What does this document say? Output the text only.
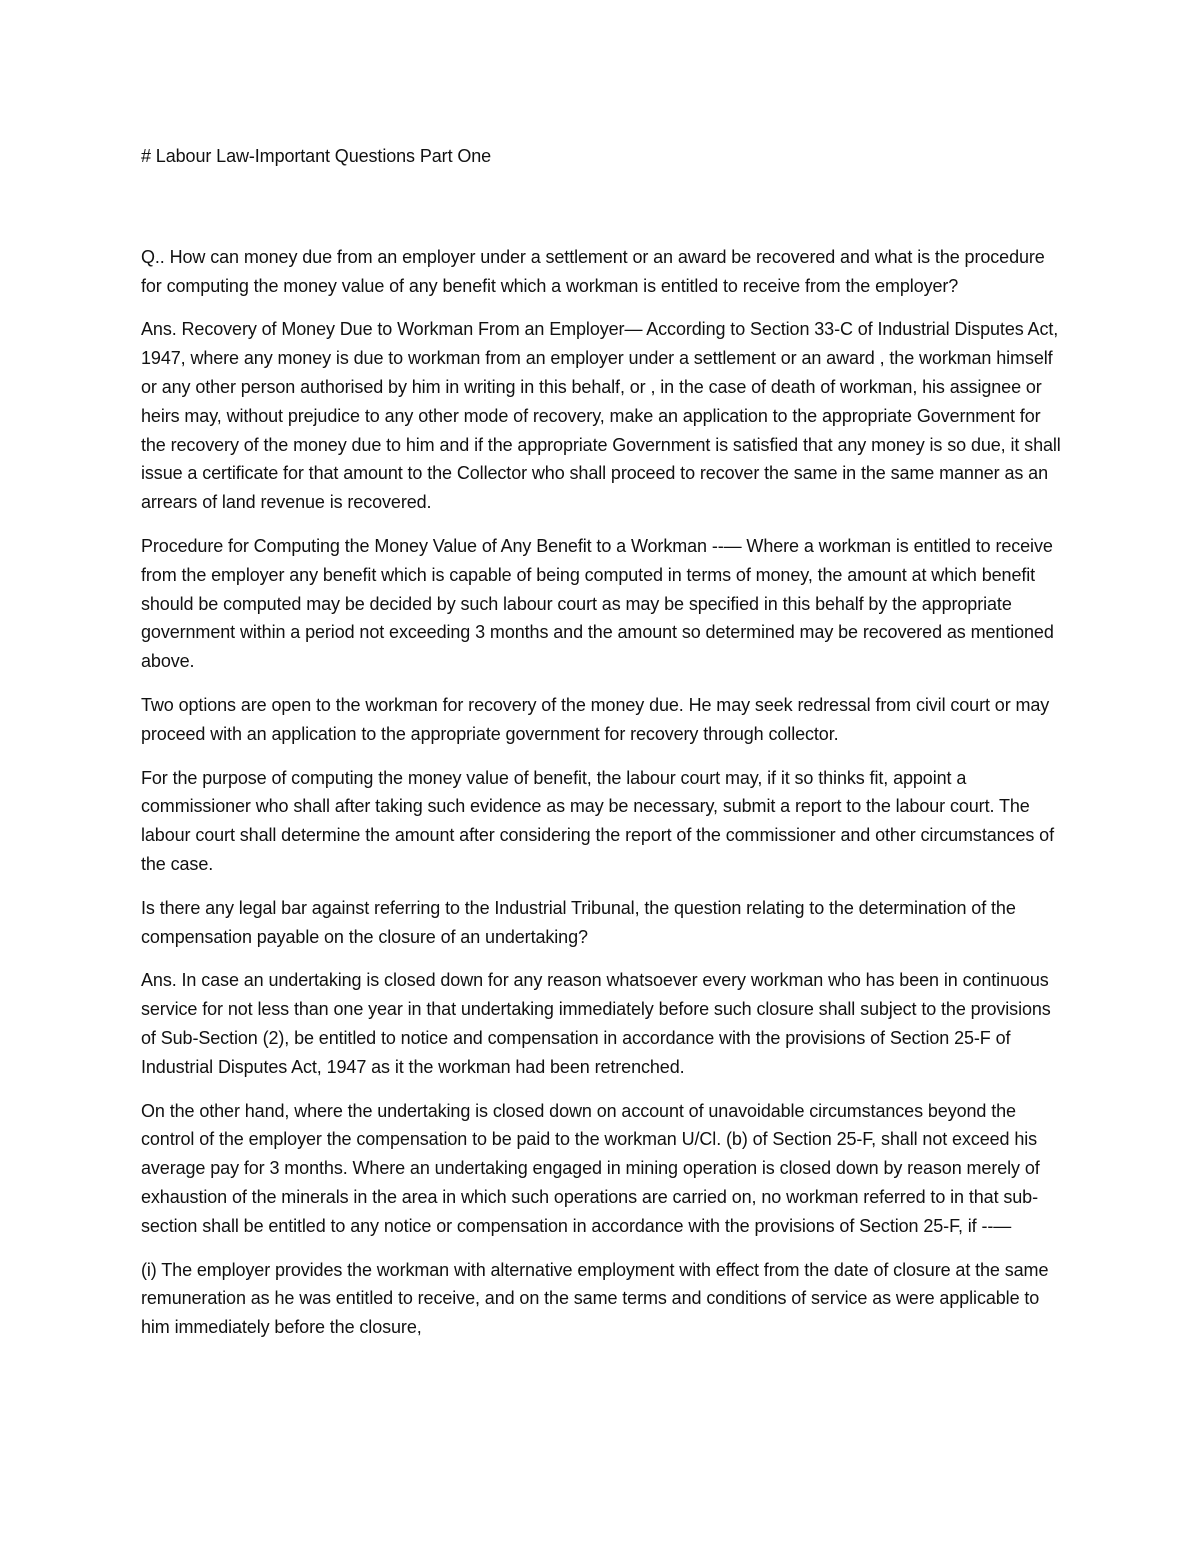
# Labour Law-Important Questions Part One

Q.. How can money due from an employer under a settlement or an award be recovered and what is the procedure for computing the money value of any benefit which a workman is entitled to receive from the employer?

Ans. Recovery of Money Due to Workman From an Employer— According to Section 33-C of Industrial Disputes Act, 1947, where any money is due to workman from an employer under a settlement or an award , the workman himself or any other person authorised by him in writing in this behalf, or , in the case of death of workman, his assignee or heirs may, without prejudice to any other mode of recovery, make an application to the appropriate Government for the recovery of the money due to him and if the appropriate Government is satisfied that any money is so due, it shall issue a certificate for that amount to the Collector who shall proceed to recover the same in the same manner as an arrears of land revenue is recovered.

Procedure for Computing the Money Value of Any Benefit to a Workman --— Where a workman is entitled to receive from the employer any benefit which is capable of being computed in terms of money, the amount at which benefit should be computed may be decided by such labour court as may be specified in this behalf by the appropriate government within a period not exceeding 3 months and the amount so determined may be recovered as mentioned above.

Two options are open to the workman for recovery of the money due. He may seek redressal from civil court or may proceed with an application to the appropriate government for recovery through collector.

For the purpose of computing the money value of benefit, the labour court may, if it so thinks fit, appoint a commissioner who shall after taking such evidence as may be necessary, submit a report to the labour court. The labour court shall determine the amount after considering the report of the commissioner and other circumstances of the case.

Is there any legal bar against referring to the Industrial Tribunal, the question relating to the determination of the compensation payable on the closure of an undertaking?

Ans. In case an undertaking is closed down for any reason whatsoever every workman who has been in continuous service for not less than one year in that undertaking immediately before such closure shall subject to the provisions of Sub-Section (2), be entitled to notice and compensation in accordance with the provisions of Section 25-F of Industrial Disputes Act, 1947 as it the workman had been retrenched.

On the other hand, where the undertaking is closed down on account of unavoidable circumstances beyond the control of the employer the compensation to be paid to the workman U/Cl. (b) of Section 25-F, shall not exceed his average pay for 3 months. Where an undertaking engaged in mining operation is closed down by reason merely of exhaustion of the minerals in the area in which such operations are carried on, no workman referred to in that sub-section shall be entitled to any notice or compensation in accordance with the provisions of Section 25-F, if --—

(i) The employer provides the workman with alternative employment with effect from the date of closure at the same remuneration as he was entitled to receive, and on the same terms and conditions of service as were applicable to him immediately before the closure,
